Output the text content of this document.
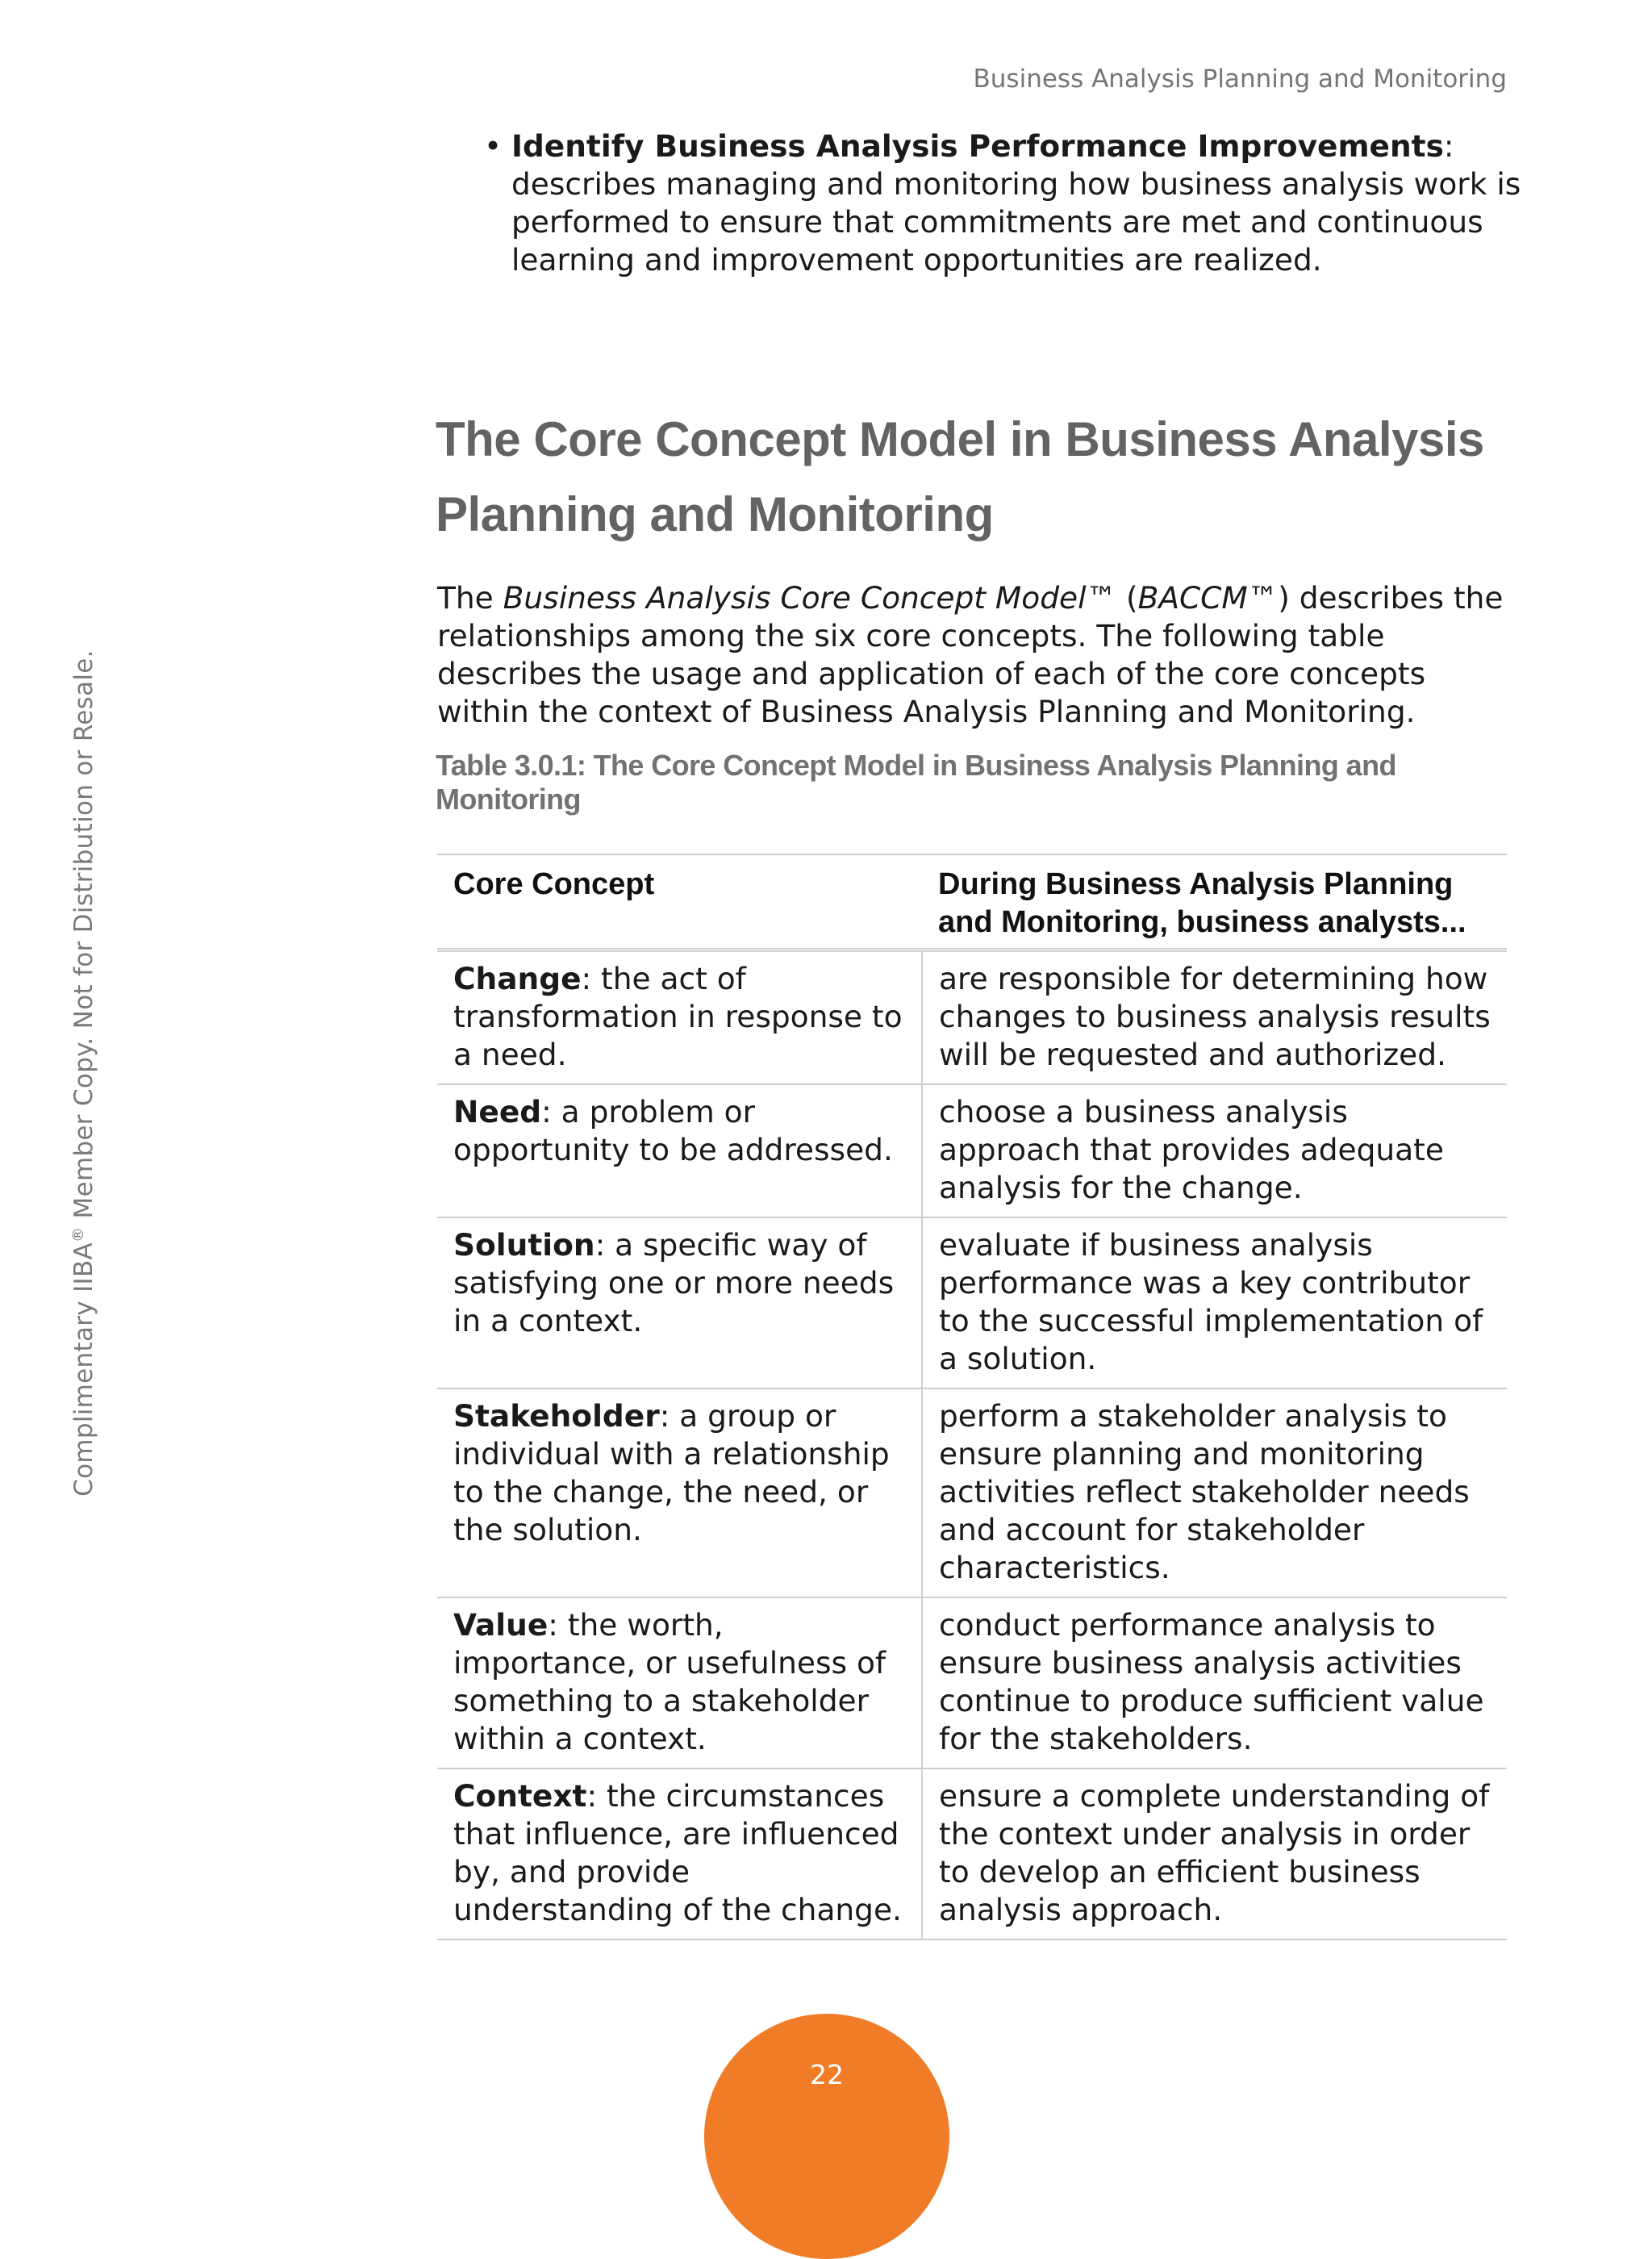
Business Analysis Planning and Monitoring
• Identify Business Analysis Performance Improvements: describes managing and monitoring how business analysis work is performed to ensure that commitments are met and continuous learning and improvement opportunities are realized.
The Core Concept Model in Business Analysis Planning and Monitoring

The Business Analysis Core Concept Model™ (BACCM™) describes the relationships among the six core concepts. The following table describes the usage and application of each of the core concepts within the context of Business Analysis Planning and Monitoring.

Table 3.0.1: The Core Concept Model in Business Analysis Planning and Monitoring
Core Concept	During Business Analysis Planning and Monitoring, business analysts...
Change: the act of transformation in response to a need.	are responsible for determining how changes to business analysis results will be requested and authorized.
Need: a problem or opportunity to be addressed.	choose a business analysis approach that provides adequate analysis for the change.
Solution: a specific way of satisfying one or more needs in a context.	evaluate if business analysis performance was a key contributor to the successful implementation of a solution.
Stakeholder: a group or individual with a relationship to the change, the need, or the solution.	perform a stakeholder analysis to ensure planning and monitoring activities reflect stakeholder needs and account for stakeholder characteristics.
Value: the worth, importance, or usefulness of something to a stakeholder within a context.	conduct performance analysis to ensure business analysis activities continue to produce sufficient value for the stakeholders.
Context: the circumstances that influence, are influenced by, and provide understanding of the change.	ensure a complete understanding of the context under analysis in order to develop an efficient business analysis approach.
Complimentary IIBA® Member Copy. Not for Distribution or Resale.
22
